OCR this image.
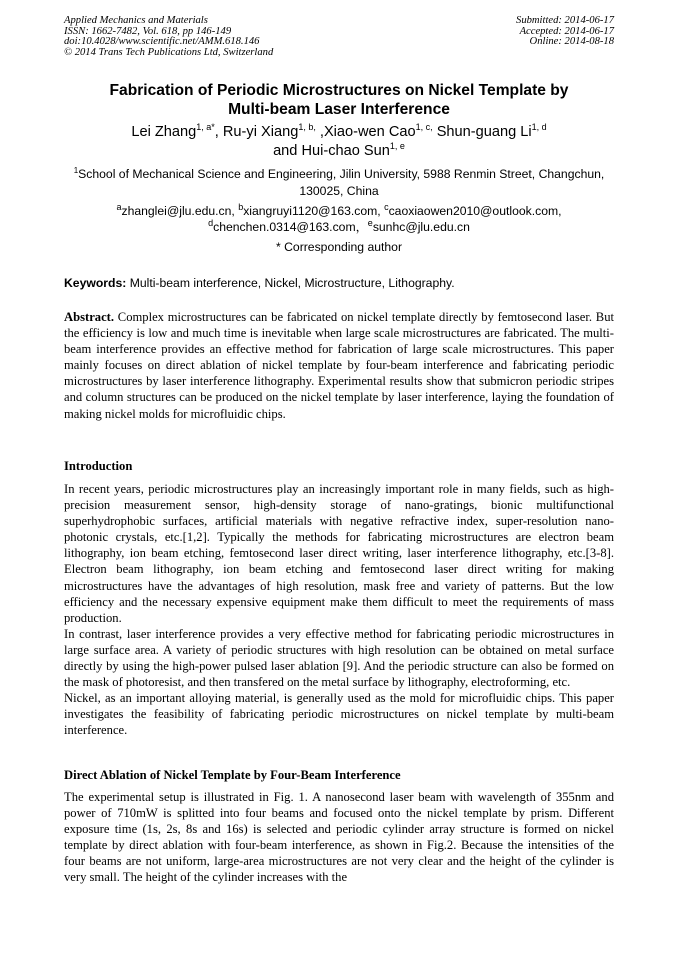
Applied Mechanics and Materials
ISSN: 1662-7482, Vol. 618, pp 146-149
doi:10.4028/www.scientific.net/AMM.618.146
© 2014 Trans Tech Publications Ltd, Switzerland
Submitted: 2014-06-17
Accepted: 2014-06-17
Online: 2014-08-18
Fabrication of Periodic Microstructures on Nickel Template by
Multi-beam Laser Interference
Lei Zhang$^{1, a*}$, Ru-yi Xiang$^{1, b,}$ ,Xiao-wen Cao$^{1, c,}$ Shun-guang Li$^{1, d}$
and Hui-chao Sun$^{1, e}$
$^1$School of Mechanical Science and Engineering, Jilin University, 5988 Renmin Street, Changchun, 130025, China
$^a$zhanglei@jlu.edu.cn, $^b$xiangruyi1120@163.com, $^c$caoxiaowen2010@outlook.com,
$^d$chenchen.0314@163.com，$^e$sunhc@jlu.edu.cn
* Corresponding author
Keywords: Multi-beam interference, Nickel, Microstructure, Lithography.
Abstract. Complex microstructures can be fabricated on nickel template directly by femtosecond laser. But the efficiency is low and much time is inevitable when large scale microstructures are fabricated. The multi-beam interference provides an effective method for fabrication of large scale microstructures. This paper mainly focuses on direct ablation of nickel template by four-beam interference and fabricating periodic microstructures by laser interference lithography. Experimental results show that submicron periodic stripes and column structures can be produced on the nickel template by laser interference, laying the foundation of making nickel molds for microfluidic chips.
Introduction

In recent years, periodic microstructures play an increasingly important role in many fields, such as high-precision measurement sensor, high-density storage of nano-gratings, bionic multifunctional superhydrophobic surfaces, artificial materials with negative refractive index, super-resolution nano-photonic crystals, etc.[1,2]. Typically the methods for fabricating microstructures are electron beam lithography, ion beam etching, femtosecond laser direct writing, laser interference lithography, etc.[3-8]. Electron beam lithography, ion beam etching and femtosecond laser direct writing for making microstructures have the advantages of high resolution, mask free and variety of patterns. But the low efficiency and the necessary expensive equipment make them difficult to meet the requirements of mass production.

In contrast, laser interference provides a very effective method for fabricating periodic microstructures in large surface area. A variety of periodic structures with high resolution can be obtained on metal surface directly by using the high-power pulsed laser ablation [9]. And the periodic structure can also be formed on the mask of photoresist, and then transfered on the metal surface by lithography, electroforming, etc.

Nickel, as an important alloying material, is generally used as the mold for microfluidic chips. This paper investigates the feasibility of fabricating periodic microstructures on nickel template by multi-beam interference.

Direct Ablation of Nickel Template by Four-Beam Interference

The experimental setup is illustrated in Fig. 1. A nanosecond laser beam with wavelength of 355nm and power of 710mW is splitted into four beams and focused onto the nickel template by prism. Different exposure time (1s, 2s, 8s and 16s) is selected and periodic cylinder array structure is formed on nickel template by direct ablation with four-beam interference, as shown in Fig.2. Because the intensities of the four beams are not uniform, large-area microstructures are not very clear and the height of the cylinder is very small. The height of the cylinder increases with the
